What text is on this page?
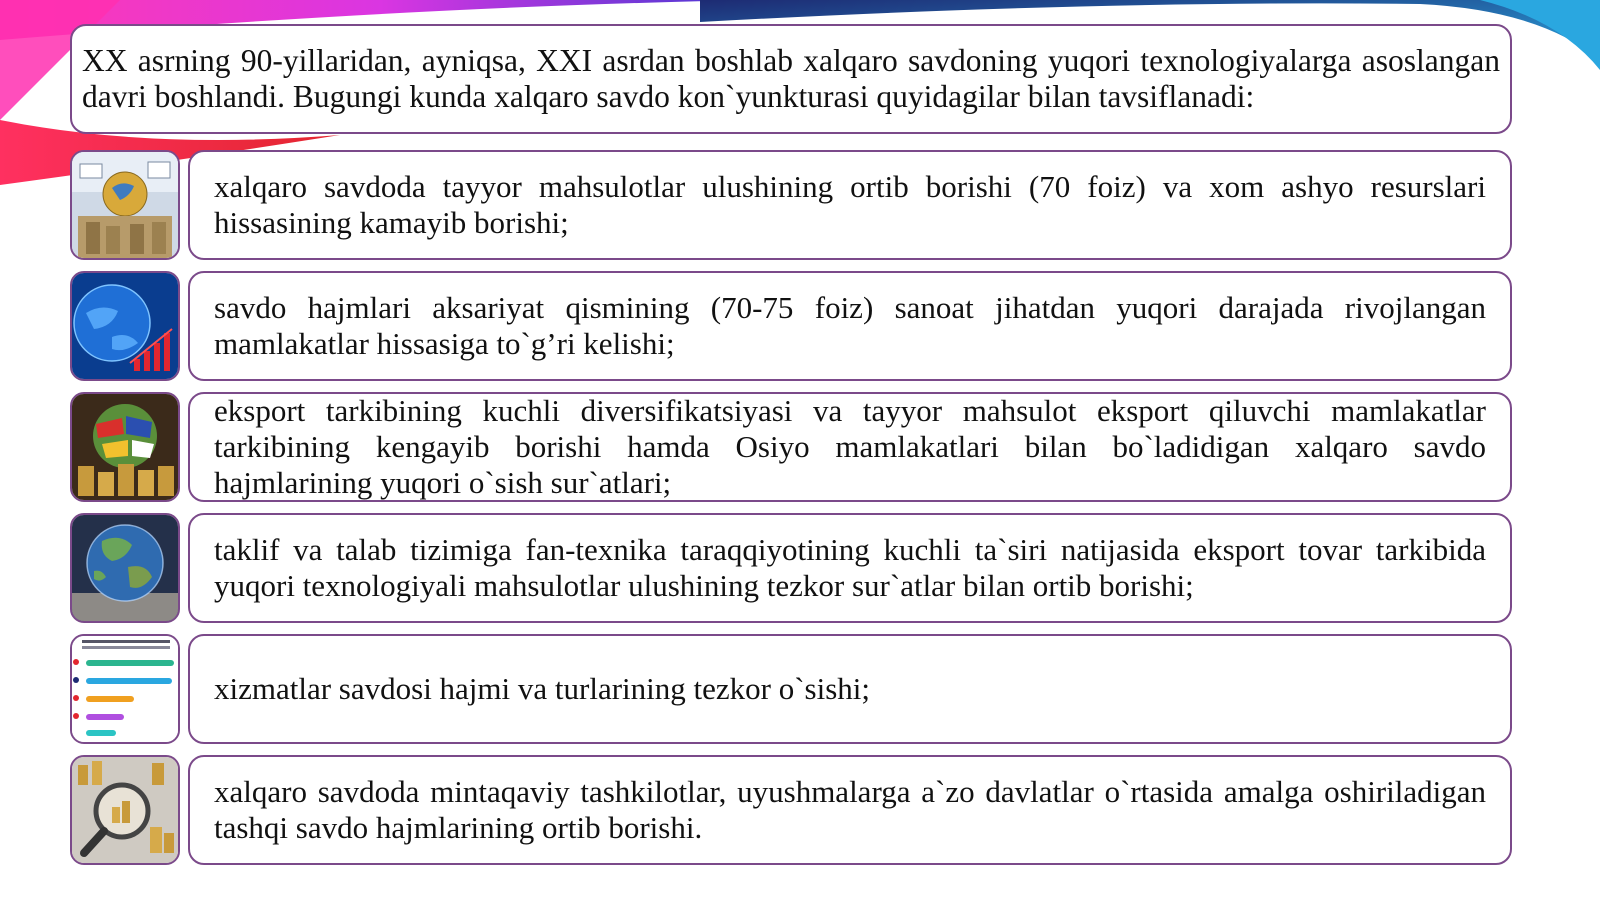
XX asrning 90-yillaridan, ayniqsa, XXI asrdan boshlab xalqaro savdoning yuqori texnologiyalarga asoslangan davri boshlandi. Bugungi kunda xalqaro savdo kon`yunkturasi quyidagilar bilan tavsiflanadi:

xalqaro savdoda tayyor mahsulotlar ulushining ortib borishi (70 foiz) va xom ashyo resurslari hissasining kamayib borishi;

savdo hajmlari aksariyat qismining (70-75 foiz) sanoat jihatdan yuqori darajada rivojlangan mamlakatlar hissasiga to`g’ri kelishi;

eksport tarkibining kuchli diversifikatsiyasi va tayyor mahsulot eksport qiluvchi mamlakatlar tarkibining kengayib borishi hamda Osiyo mamlakatlari bilan bo`ladidigan xalqaro savdo hajmlarining yuqori o`sish sur`atlari;

taklif va talab tizimiga fan-texnika taraqqiyotining kuchli ta`siri natijasida eksport tovar tarkibida yuqori texnologiyali mahsulotlar ulushining tezkor sur`atlar bilan ortib borishi;

xizmatlar savdosi hajmi va turlarining tezkor o`sishi;

xalqaro savdoda mintaqaviy tashkilotlar, uyushmalarga a`zo davlatlar o`rtasida amalga oshiriladigan tashqi savdo hajmlarining ortib borishi.
